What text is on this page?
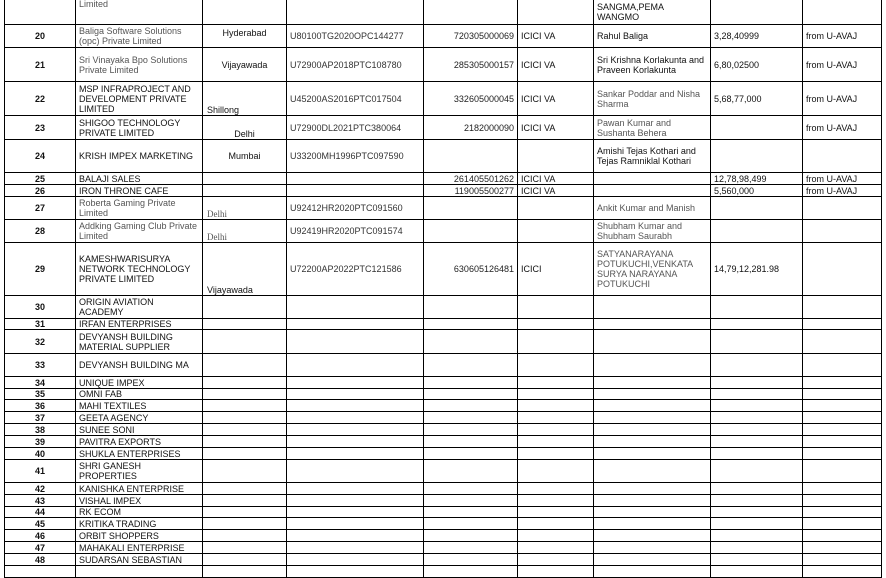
	Limited					SANGMA,PEMA WANGMO		
20	Baliga Software Solutions (opc) Private Limited	Hyderabad	U80100TG2020OPC144277	720305000069	ICICI VA	Rahul Baliga	3,28,40999	from U-AVAJ
21	Sri Vinayaka Bpo Solutions Private Limited	Vijayawada	U72900AP2018PTC108780	285305000157	ICICI VA	Sri Krishna Korlakunta and Praveen Korlakunta	6,80,02500	from U-AVAJ
22	MSP INFRAPROJECT AND DEVELOPMENT PRIVATE LIMITED	Shillong	U45200AS2016PTC017504	332605000045	ICICI VA	Sankar Poddar and Nisha Sharma	5,68,77,000	from U-AVAJ
23	SHIGOO TECHNOLOGY PRIVATE LIMITED	Delhi	U72900DL2021PTC380064	2182000090	ICICI VA	Pawan Kumar and Sushanta Behera		from U-AVAJ
24	KRISH IMPEX MARKETING	Mumbai	U33200MH1996PTC097590			Amishi Tejas Kothari and Tejas Ramniklal Kothari		
25	BALAJI SALES			261405501262	ICICI VA		12,78,98,499	from U-AVAJ
26	IRON THRONE CAFE			119005500277	ICICI VA		5,560,000	from U-AVAJ
27	Roberta Gaming Private Limited	Delhi	U92412HR2020PTC091560			Ankit Kumar and Manish		
28	Addking Gaming Club Private Limited	Delhi	U92419HR2020PTC091574			Shubham Kumar and Shubham Saurabh		
29	KAMESHWARISURYA NETWORK TECHNOLOGY PRIVATE LIMITED	Vijayawada	U72200AP2022PTC121586	630605126481	ICICI	SATYANARAYANA POTUKUCHI,VENKATA SURYA NARAYANA POTUKUCHI	14,79,12,281.98	
30	ORIGIN AVIATION ACADEMY							
31	IRFAN ENTERPRISES							
32	DEVYANSH BUILDING MATERIAL SUPPLIER							
33	DEVYANSH BUILDING MA							
34	UNIQUE IMPEX							
35	OMNI FAB							
36	MAHI TEXTILES							
37	GEETA AGENCY							
38	SUNEE SONI							
39	PAVITRA EXPORTS							
40	SHUKLA ENTERPRISES							
41	SHRI GANESH PROPERTIES							
42	KANISHKA ENTERPRISE							
43	VISHAL IMPEX							
44	RK ECOM							
45	KRITIKA TRADING							
46	ORBIT SHOPPERS							
47	MAHAKALI ENTERPRISE							
48	SUDARSAN SEBASTIAN							
